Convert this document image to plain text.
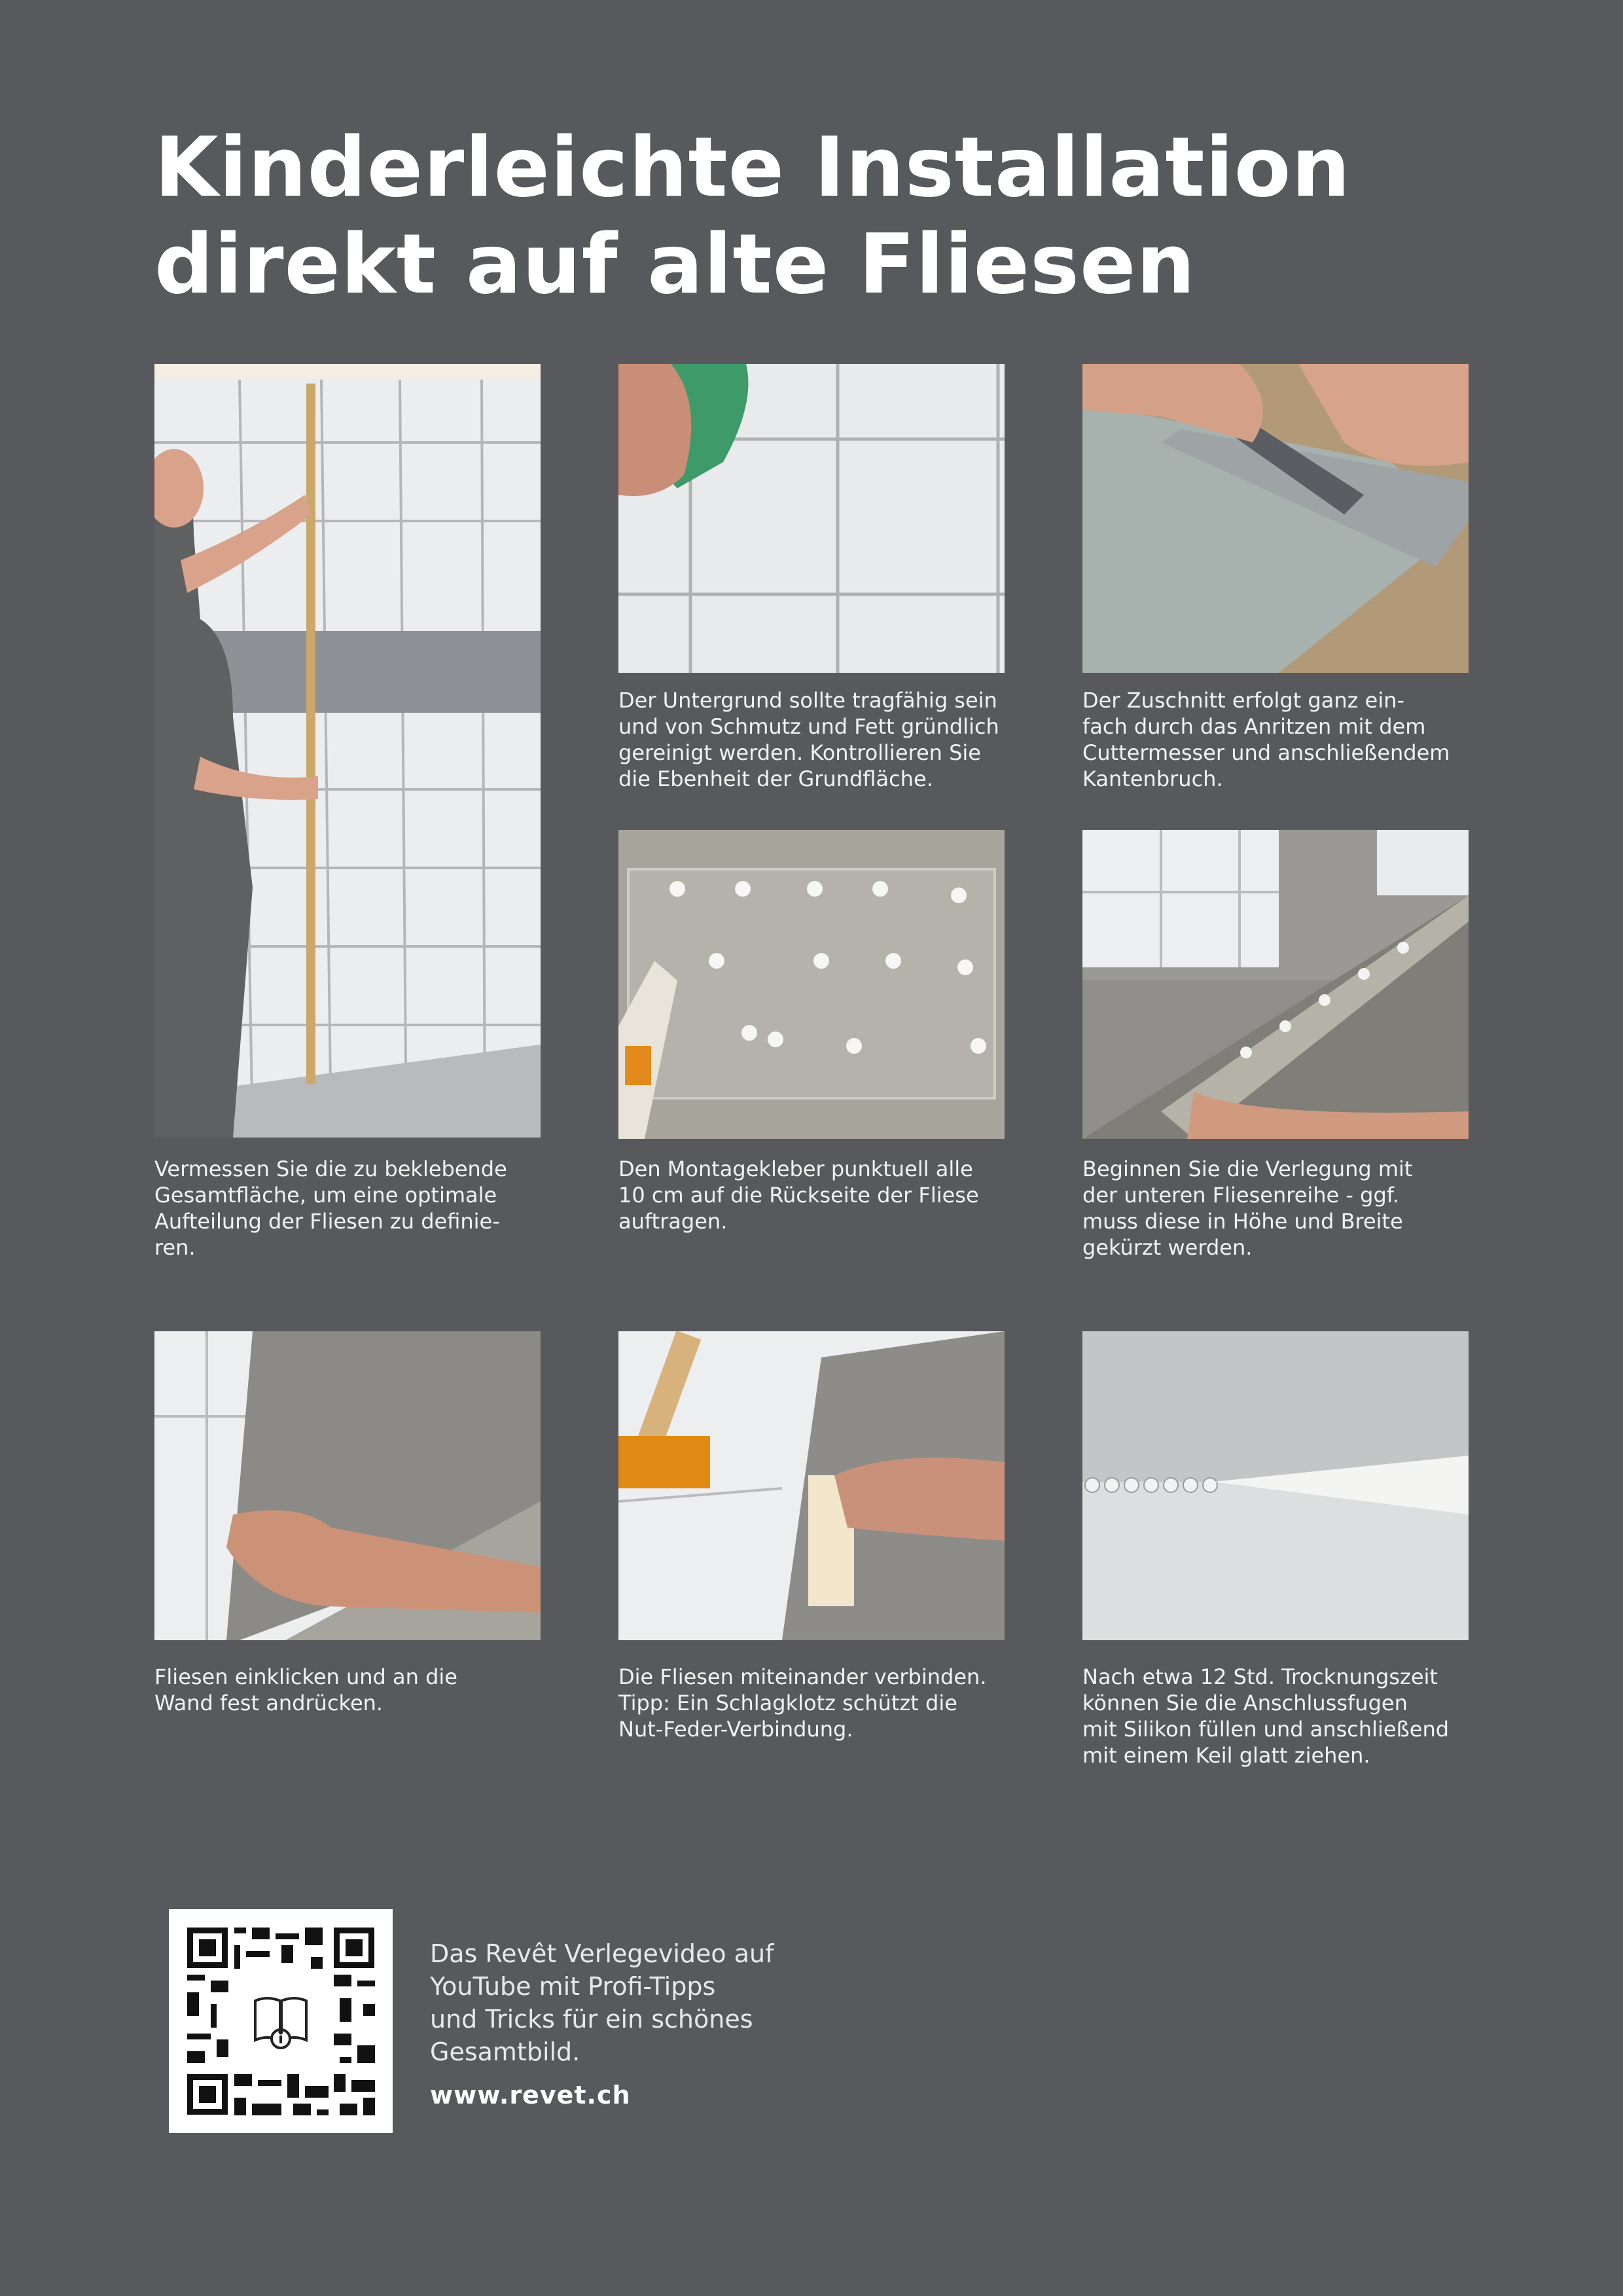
Kinderleichte Installation
direkt auf alte Fliesen
Vermessen Sie die zu beklebende
Gesamtfläche, um eine optimale
Aufteilung der Fliesen zu definie-
ren.
Der Untergrund sollte tragfähig sein
und von Schmutz und Fett gründlich
gereinigt werden. Kontrollieren Sie
die Ebenheit der Grundfläche.
Der Zuschnitt erfolgt ganz ein-
fach durch das Anritzen mit dem
Cuttermesser und anschließendem
Kantenbruch.
Den Montagekleber punktuell alle
10 cm auf die Rückseite der Fliese
auftragen.
Beginnen Sie die Verlegung mit
der unteren Fliesenreihe - ggf.
muss diese in Höhe und Breite
gekürzt werden.
Fliesen einklicken und an die
Wand fest andrücken.
Die Fliesen miteinander verbinden.
Tipp: Ein Schlagklotz schützt die
Nut-Feder-Verbindung.
Nach etwa 12 Std. Trocknungszeit
können Sie die Anschlussfugen
mit Silikon füllen und anschließend
mit einem Keil glatt ziehen.
Das Revêt Verlegevideo auf
YouTube mit Profi-Tipps
und Tricks für ein schönes
Gesamtbild.
www.revet.ch
